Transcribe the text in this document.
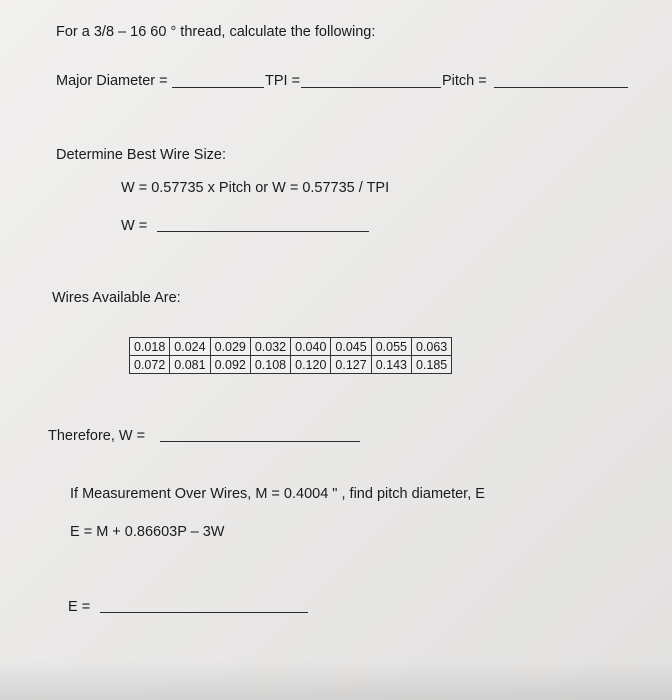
For a 3/8 – 16 60 ° thread, calculate the following:
Major Diameter =	TPI =	Pitch =
Determine Best Wire Size:
W = 0.57735 x Pitch or W = 0.57735 / TPI
W =
Wires Available Are:
0.018	0.024	0.029	0.032	0.040	0.045	0.055	0.063
0.072	0.081	0.092	0.108	0.120	0.127	0.143	0.185
Therefore, W =
If Measurement Over Wires, M = 0.4004 " , find pitch diameter, E
E = M + 0.86603P – 3W
E =
